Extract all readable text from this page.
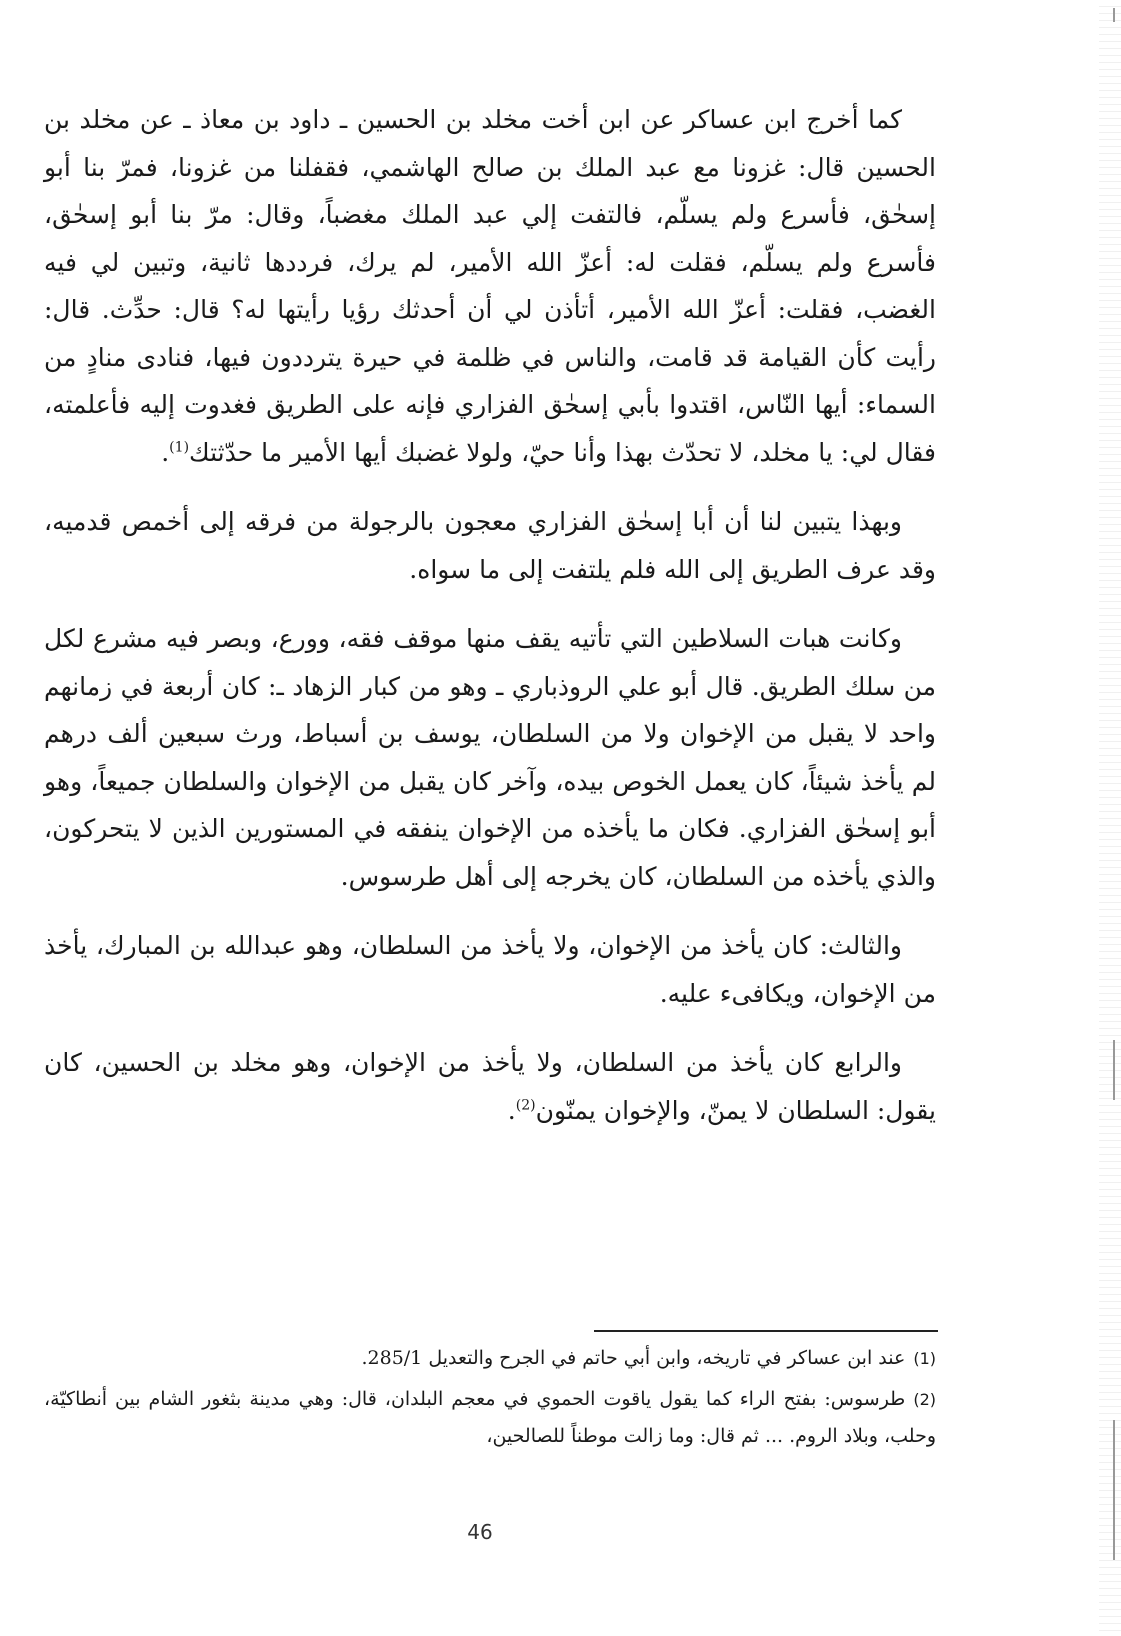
كما أخرج ابن عساكر عن ابن أخت مخلد بن الحسين ـ داود بن معاذ ـ عن مخلد بن الحسين قال: غزونا مع عبد الملك بن صالح الهاشمي، فقفلنا من غزونا، فمرّ بنا أبو إسحٰق، فأسرع ولم يسلّم، فالتفت إلي عبد الملك مغضباً، وقال: مرّ بنا أبو إسحٰق، فأسرع ولم يسلّم، فقلت له: أعزّ الله الأمير، لم يرك، فرددها ثانية، وتبين لي فيه الغضب، فقلت: أعزّ الله الأمير، أتأذن لي أن أحدثك رؤيا رأيتها له؟ قال: حدِّث. قال: رأيت كأن القيامة قد قامت، والناس في ظلمة في حيرة يترددون فيها، فنادى منادٍ من السماء: أيها النّاس، اقتدوا بأبي إسحٰق الفزاري فإنه على الطريق فغدوت إليه فأعلمته، فقال لي: يا مخلد، لا تحدّث بهذا وأنا حيّ، ولولا غضبك أيها الأمير ما حدّثتك$^{(1)}$.

وبهذا يتبين لنا أن أبا إسحٰق الفزاري معجون بالرجولة من فرقه إلى أخمص قدميه، وقد عرف الطريق إلى الله فلم يلتفت إلى ما سواه.

وكانت هبات السلاطين التي تأتيه يقف منها موقف فقه، وورع، وبصر فيه مشرع لكل من سلك الطريق. قال أبو علي الروذباري ـ وهو من كبار الزهاد ـ: كان أربعة في زمانهم واحد لا يقبل من الإخوان ولا من السلطان، يوسف بن أسباط، ورث سبعين ألف درهم لم يأخذ شيئاً، كان يعمل الخوص بيده، وآخر كان يقبل من الإخوان والسلطان جميعاً، وهو أبو إسحٰق الفزاري. فكان ما يأخذه من الإخوان ينفقه في المستورين الذين لا يتحركون، والذي يأخذه من السلطان، كان يخرجه إلى أهل طرسوس.

والثالث: كان يأخذ من الإخوان، ولا يأخذ من السلطان، وهو عبدالله بن المبارك، يأخذ من الإخوان، ويكافىء عليه.

والرابع كان يأخذ من السلطان، ولا يأخذ من الإخوان، وهو مخلد بن الحسين، كان يقول: السلطان لا يمنّ، والإخوان يمنّون$^{(2)}$.

(1)عند ابن عساكر في تاريخه، وابن أبي حاتم في الجرح والتعديل 285/1.

(2)طرسوس: بفتح الراء كما يقول ياقوت الحموي في معجم البلدان، قال: وهي مدينة بثغور الشام بين أنطاكيّة، وحلب، وبلاد الروم. ... ثم قال: وما زالت موطناً للصالحين،

46
